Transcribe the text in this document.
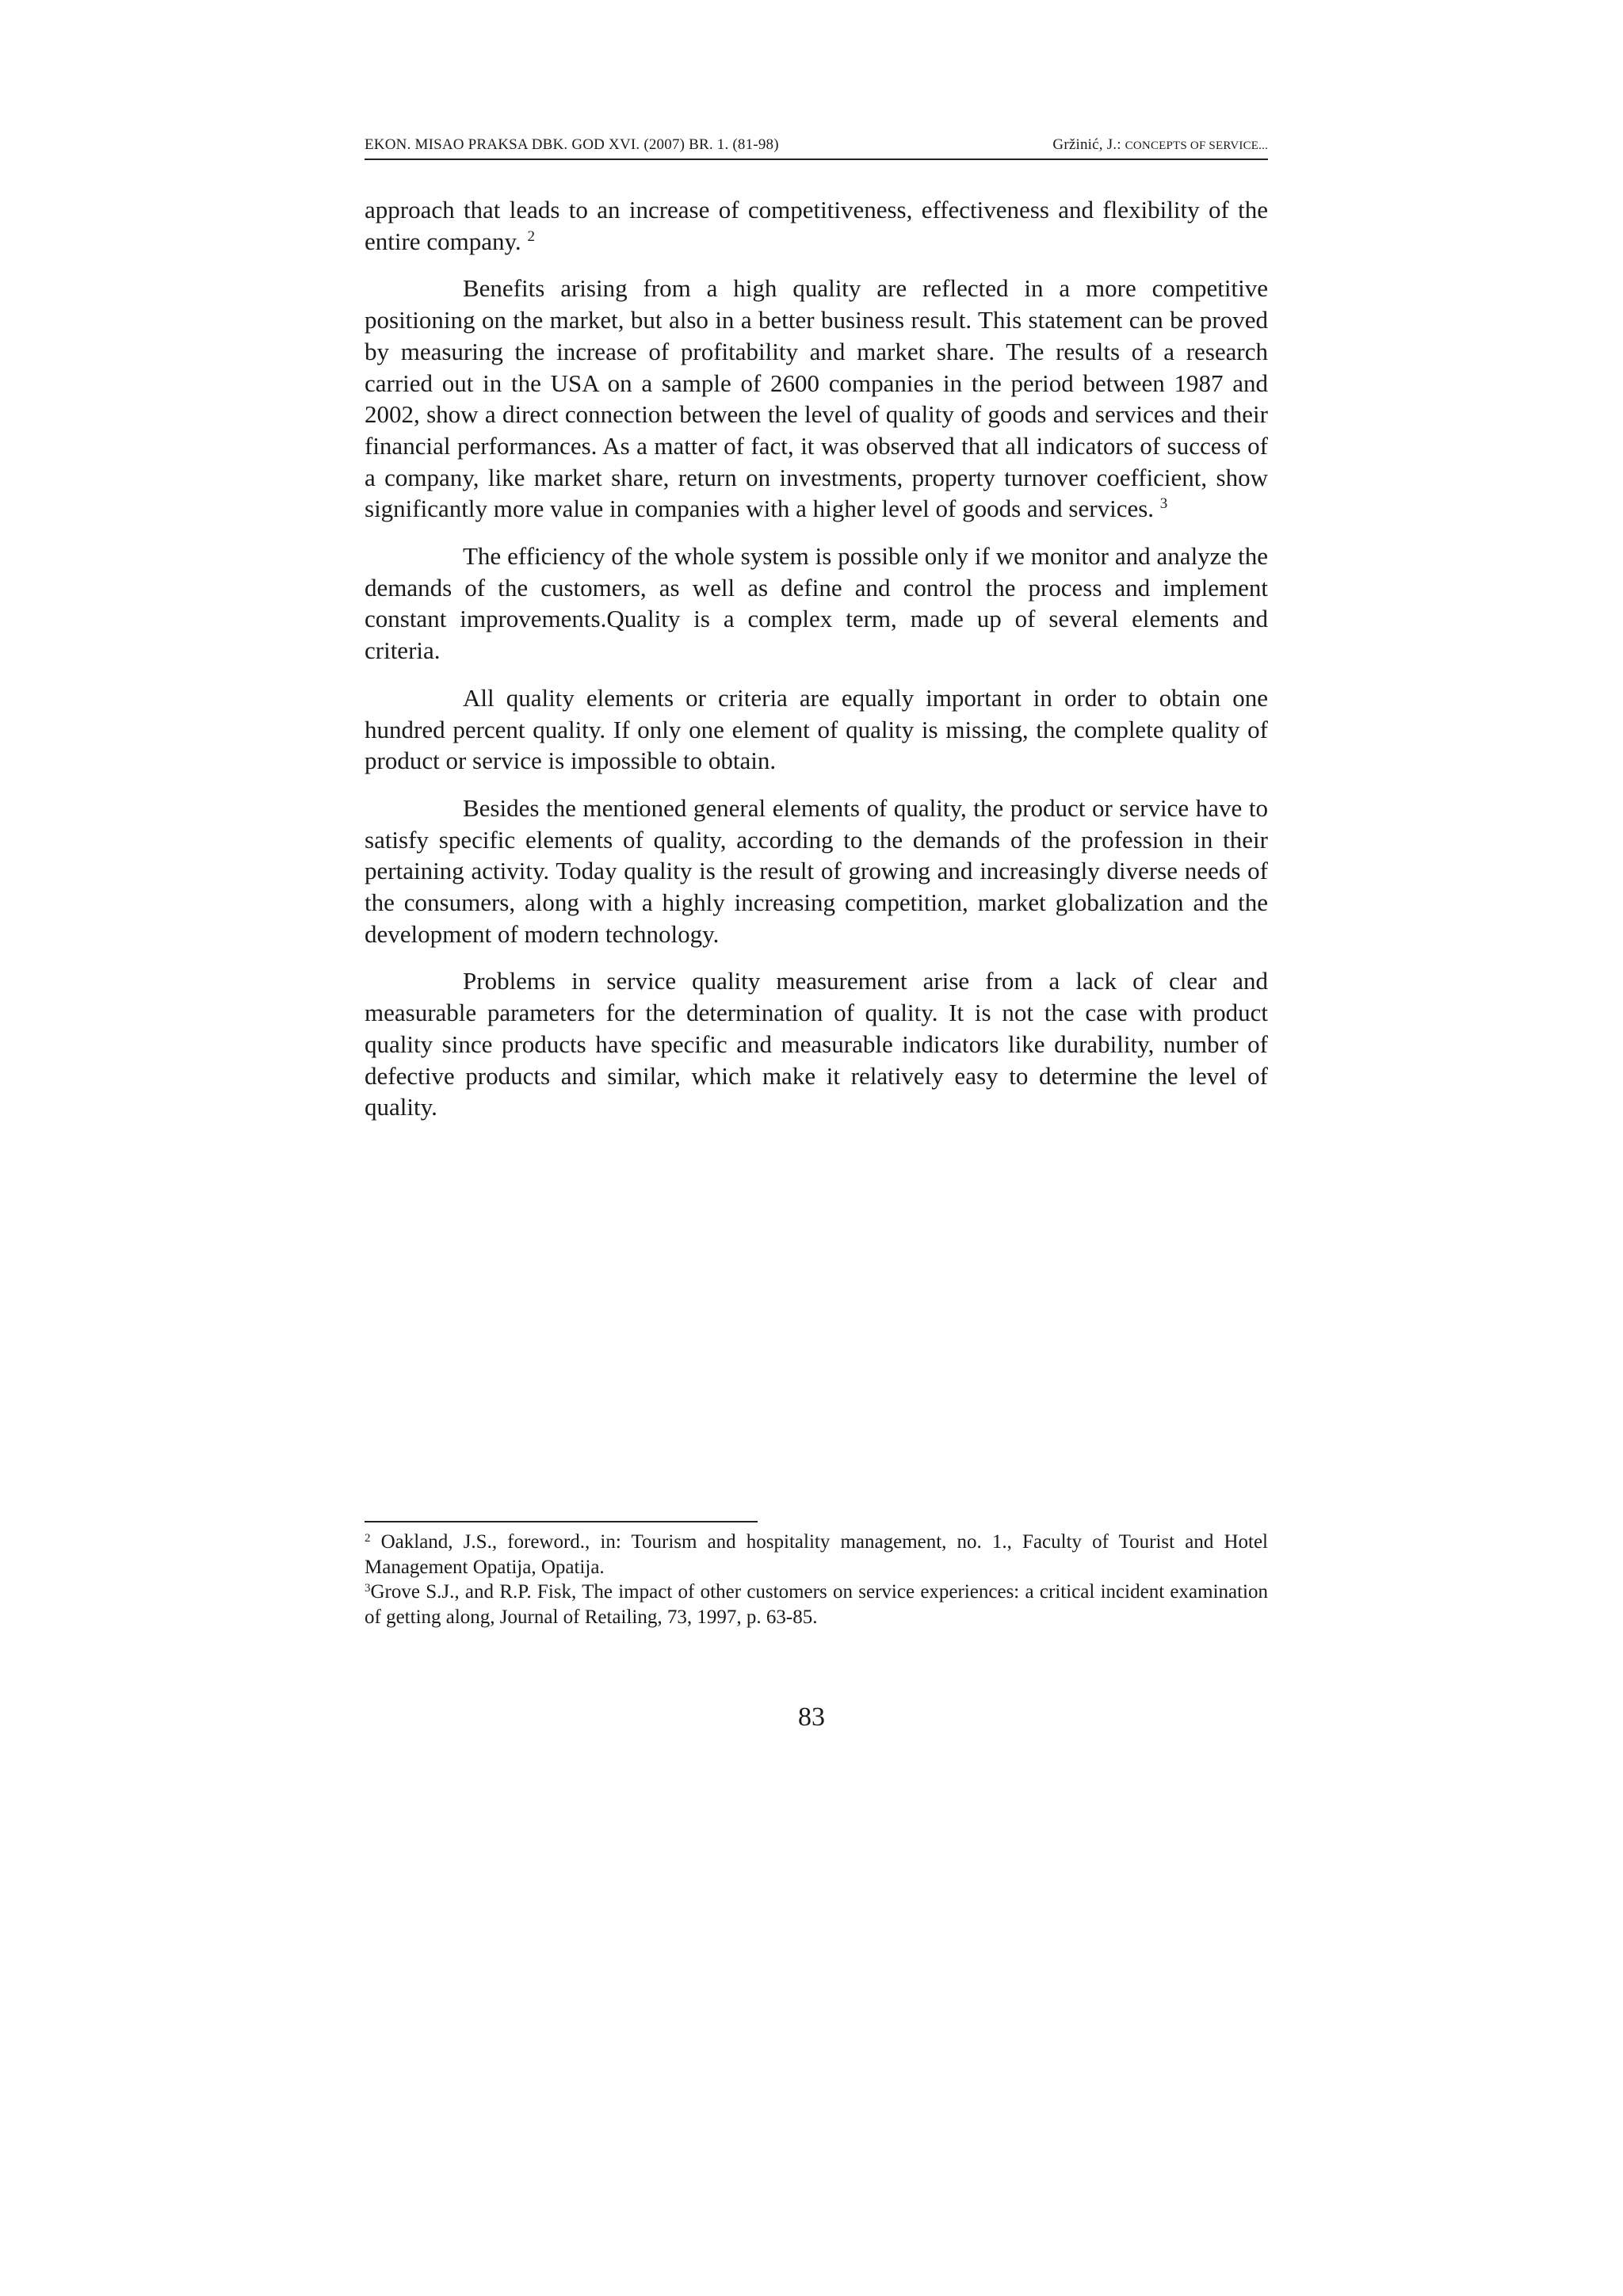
EKON. MISAO PRAKSA DBK. GOD XVI. (2007) BR. 1. (81-98)	Gržinić, J.: CONCEPTS OF SERVICE...

approach that leads to an increase of competitiveness, effectiveness and flexibility of the entire company. $^2$

Benefits arising from a high quality are reflected in a more competitive positioning on the market, but also in a better business result. This statement can be proved by measuring the increase of profitability and market share. The results of a research carried out in the USA on a sample of 2600 companies in the period between 1987 and 2002, show a direct connection between the level of quality of goods and services and their financial performances. As a matter of fact, it was observed that all indicators of success of a company, like market share, return on investments, property turnover coefficient, show significantly more value in companies with a higher level of goods and services. $^3$

The efficiency of the whole system is possible only if we monitor and analyze the demands of the customers, as well as define and control the process and implement constant improvements.Quality is a complex term, made up of several elements and criteria.

All quality elements or criteria are equally important in order to obtain one hundred percent quality. If only one element of quality is missing, the complete quality of product or service is impossible to obtain.

Besides the mentioned general elements of quality, the product or service have to satisfy specific elements of quality, according to the demands of the profession in their pertaining activity. Today quality is the result of growing and increasingly diverse needs of the consumers, along with a highly increasing competition, market globalization and the development of modern technology.

Problems in service quality measurement arise from a lack of clear and measurable parameters for the determination of quality. It is not the case with product quality since products have specific and measurable indicators like durability, number of defective products and similar, which make it relatively easy to determine the level of quality.

$^2$ Oakland, J.S., foreword., in: Tourism and hospitality management, no. 1., Faculty of Tourist and Hotel Management Opatija, Opatija.

$^3$Grove S.J., and R.P. Fisk, The impact of other customers on service experiences: a critical incident examination of getting along, Journal of Retailing, 73, 1997, p. 63-85.

83
